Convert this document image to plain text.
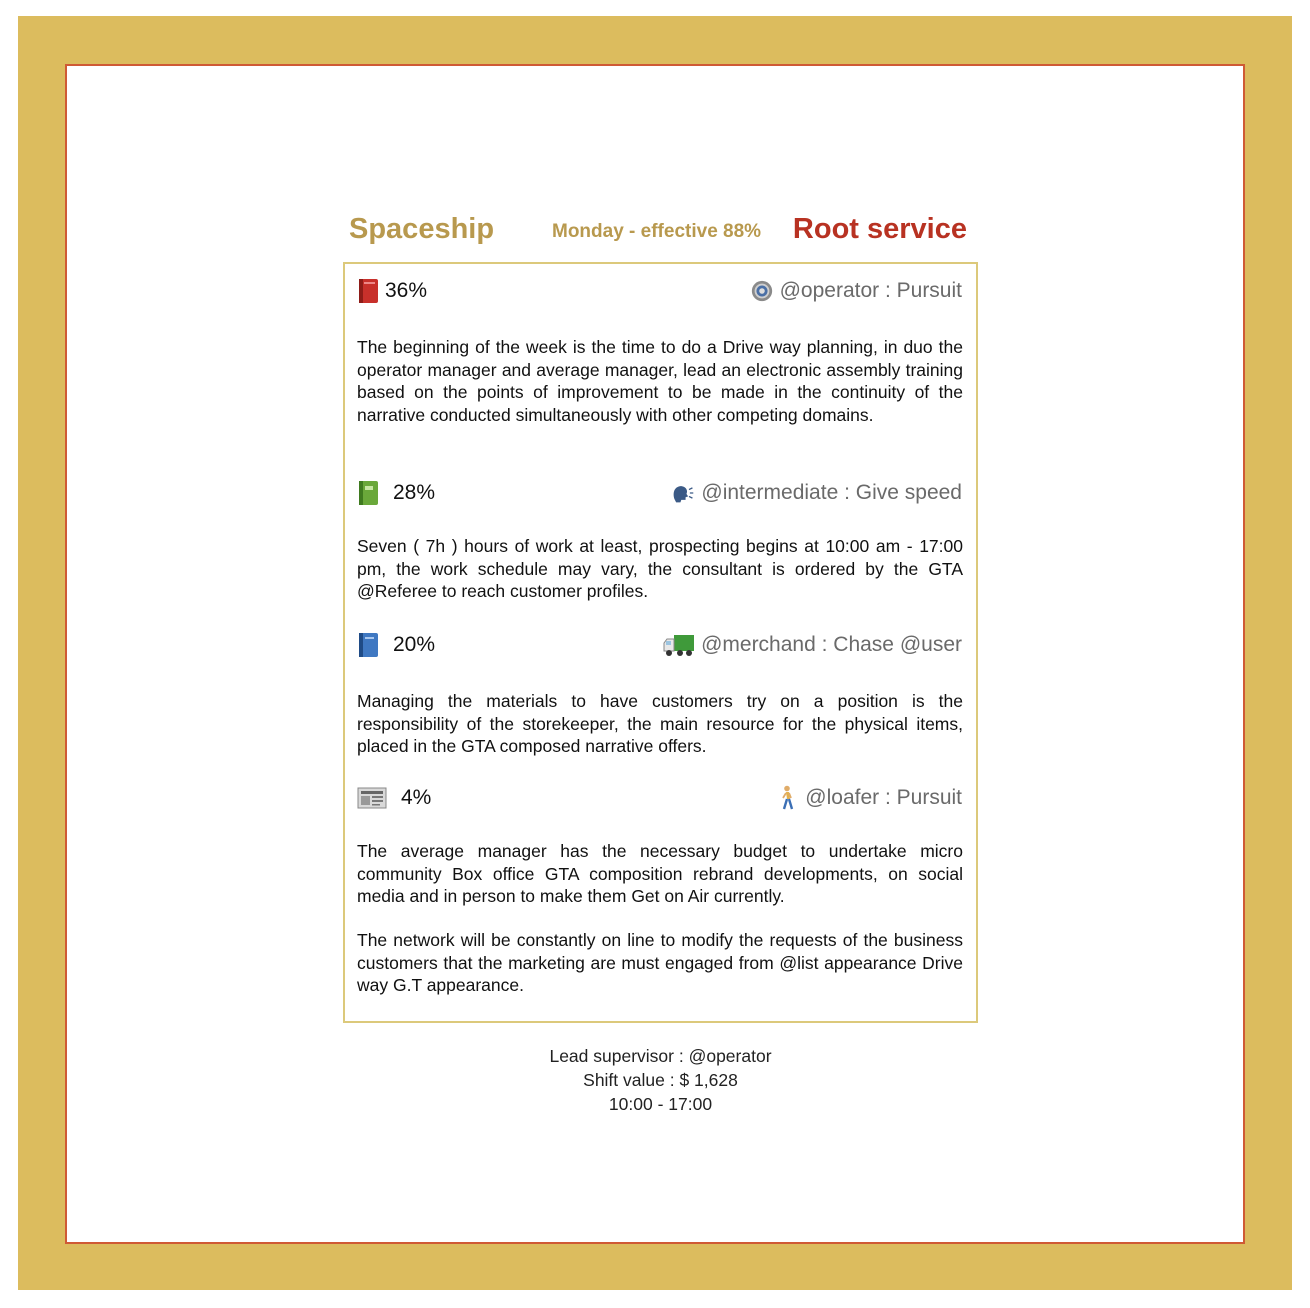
Spaceship	Monday - effective 88% Root service
36%	@operator : Pursuit

The beginning of the week is the time to do a Drive way planning, in duo the operator manager and average manager, lead an electronic assembly training based on the points of improvement to be made in the continuity of the narrative conducted simultaneously with other competing domains.

28%	@intermediate : Give speed

Seven ( 7h ) hours of work at least, prospecting begins at 10:00 am - 17:00 pm, the work schedule may vary, the consultant is ordered by the GTA @Referee to reach customer profiles.

20%	@merchand : Chase @user

Managing the materials to have customers try on a position is the responsibility of the storekeeper, the main resource for the physical items, placed in the GTA composed narrative offers.

4%	@loafer : Pursuit

The average manager has the necessary budget to undertake micro community Box office GTA composition rebrand developments, on social media and in person to make them Get on Air currently.

The network will be constantly on line to modify the requests of the business customers that the marketing are must engaged from @list appearance Drive way G.T appearance.

Lead supervisor : @operator
Shift value : $ 1,628
10:00 - 17:00
